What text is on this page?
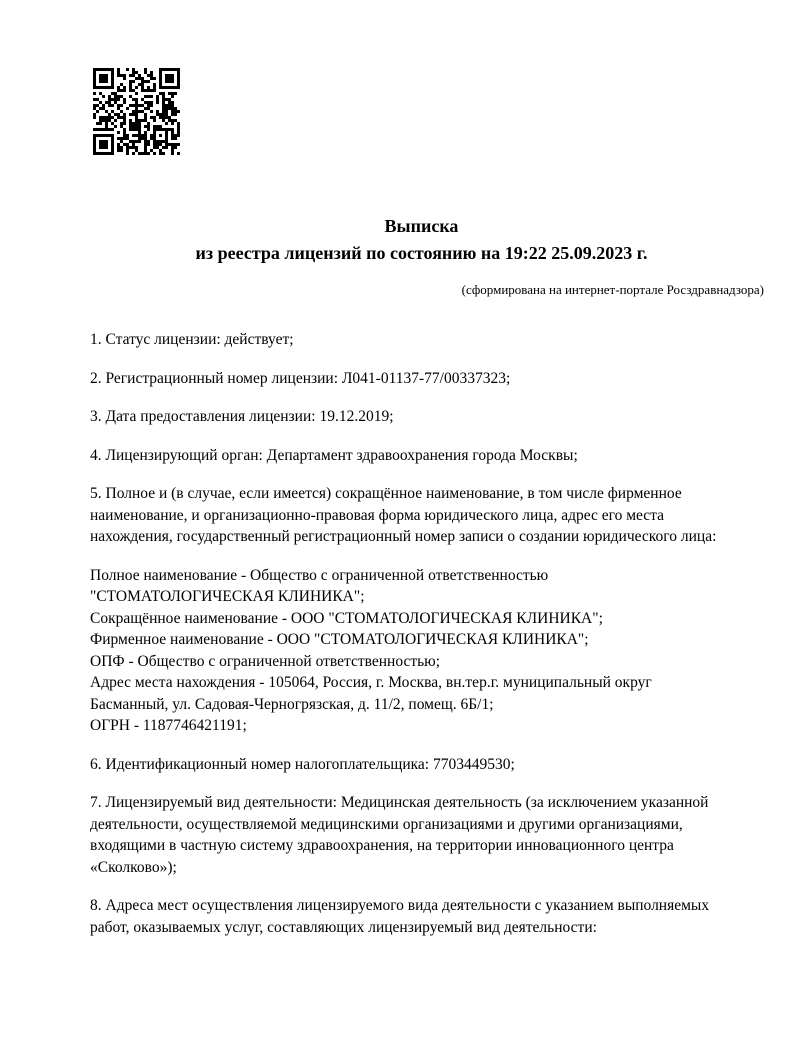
Выписка
из реестра лицензий по состоянию на 19:22 25.09.2023 г.
(сформирована на интернет-портале Росздравнадзора)
1. Статус лицензии: действует;
2. Регистрационный номер лицензии: Л041-01137-77/00337323;
3. Дата предоставления лицензии: 19.12.2019;
4. Лицензирующий орган: Департамент здравоохранения города Москвы;
5. Полное и (в случае, если имеется) сокращённое наименование, в том числе фирменное наименование, и организационно-правовая форма юридического лица, адрес его места нахождения, государственный регистрационный номер записи о создании юридического лица:
Полное наименование - Общество с ограниченной ответственностью "СТОМАТОЛОГИЧЕСКАЯ КЛИНИКА";
Сокращённое наименование - ООО "СТОМАТОЛОГИЧЕСКАЯ КЛИНИКА";
Фирменное наименование - ООО "СТОМАТОЛОГИЧЕСКАЯ КЛИНИКА";
ОПФ - Общество с ограниченной ответственностью;
Адрес места нахождения - 105064, Россия, г. Москва, вн.тер.г. муниципальный округ Басманный, ул. Садовая-Черногрязская, д. 11/2, помещ. 6Б/1;
ОГРН - 1187746421191;
6. Идентификационный номер налогоплательщика: 7703449530;
7. Лицензируемый вид деятельности: Медицинская деятельность (за исключением указанной деятельности, осуществляемой медицинскими организациями и другими организациями, входящими в частную систему здравоохранения, на территории инновационного центра «Сколково»);
8. Адреса мест осуществления лицензируемого вида деятельности с указанием выполняемых работ, оказываемых услуг, составляющих лицензируемый вид деятельности:
